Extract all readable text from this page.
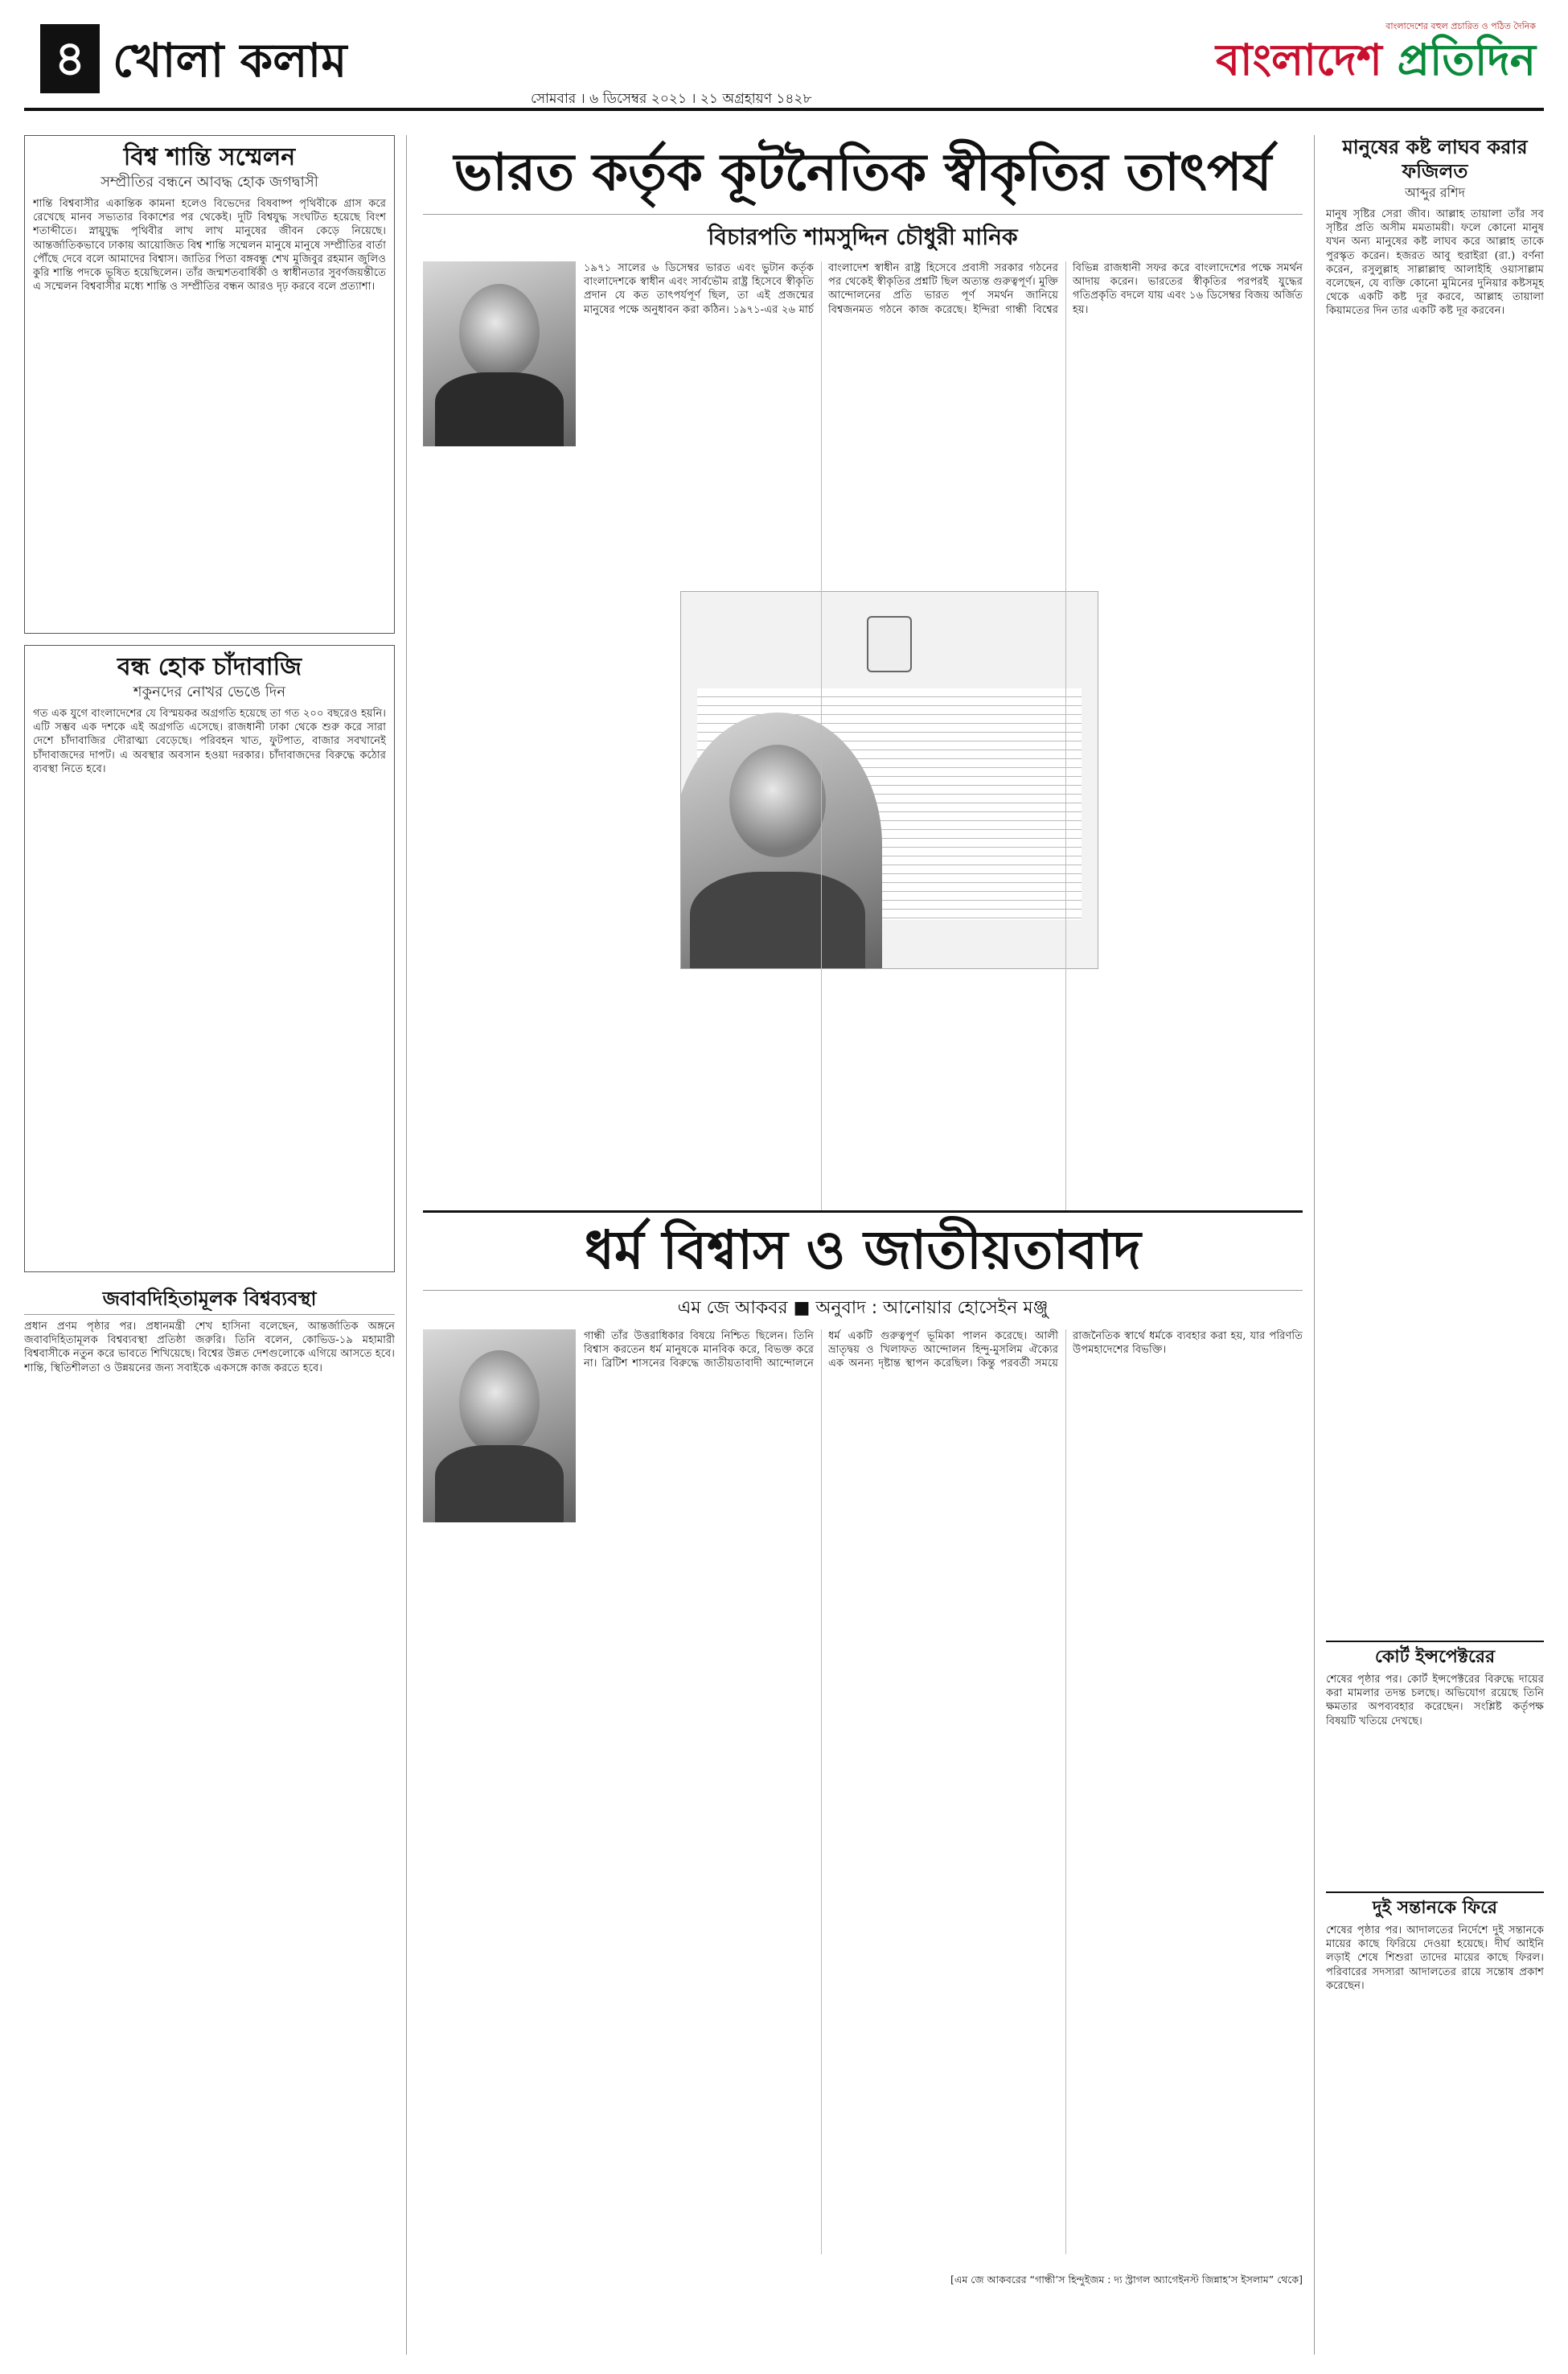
৪ খোলা কলাম
সোমবার । ৬ ডিসেম্বর ২০২১ । ২১ অগ্রহায়ণ ১৪২৮
বাংলাদেশের বহুল প্রচারিত ও পঠিত দৈনিক
বাংলাদেশ প্রতিদিন
বিশ্ব শান্তি সম্মেলন
সম্প্রীতির বন্ধনে আবদ্ধ হোক জগদ্বাসী
শান্তি বিশ্ববাসীর একান্তিক কামনা হলেও বিভেদের বিষবাষ্প পৃথিবীকে গ্রাস করে রেখেছে মানব সভ্যতার বিকাশের পর থেকেই। দুটি বিশ্বযুদ্ধ সংঘটিত হয়েছে বিংশ শতাব্দীতে। স্নায়ুযুদ্ধ পৃথিবীর লাখ লাখ মানুষের জীবন কেড়ে নিয়েছে। আন্তর্জাতিকভাবে ঢাকায় আয়োজিত বিশ্ব শান্তি সম্মেলন মানুষে মানুষে সম্প্রীতির বার্তা পৌঁছে দেবে বলে আমাদের বিশ্বাস। জাতির পিতা বঙ্গবন্ধু শেখ মুজিবুর রহমান জুলিও কুরি শান্তি পদকে ভূষিত হয়েছিলেন। তাঁর জন্মশতবার্ষিকী ও স্বাধীনতার সুবর্ণজয়ন্তীতে এ সম্মেলন বিশ্ববাসীর মধ্যে শান্তি ও সম্প্রীতির বন্ধন আরও দৃঢ় করবে বলে প্রত্যাশা।
বন্ধ হোক চাঁদাবাজি
শকুনদের নোখর ভেঙে দিন
গত এক যুগে বাংলাদেশের যে বিস্ময়কর অগ্রগতি হয়েছে তা গত ২০০ বছরেও হয়নি। এটি সম্ভব এক দশকে এই অগ্রগতি এসেছে। রাজধানী ঢাকা থেকে শুরু করে সারা দেশে চাঁদাবাজির দৌরাত্ম্য বেড়েছে। পরিবহন খাত, ফুটপাত, বাজার সবখানেই চাঁদাবাজদের দাপট। এ অবস্থার অবসান হওয়া দরকার। চাঁদাবাজদের বিরুদ্ধে কঠোর ব্যবস্থা নিতে হবে।
জবাবদিহিতামূলক বিশ্বব্যবস্থা
প্রধান প্রণম পৃষ্ঠার পর। প্রধানমন্ত্রী শেখ হাসিনা বলেছেন, আন্তর্জাতিক অঙ্গনে জবাবদিহিতামূলক বিশ্বব্যবস্থা প্রতিষ্ঠা জরুরি। তিনি বলেন, কোভিড-১৯ মহামারী বিশ্ববাসীকে নতুন করে ভাবতে শিখিয়েছে। বিশ্বের উন্নত দেশগুলোকে এগিয়ে আসতে হবে। শান্তি, স্থিতিশীলতা ও উন্নয়নের জন্য সবাইকে একসঙ্গে কাজ করতে হবে।
ভারত কর্তৃক কূটনৈতিক স্বীকৃতির তাৎপর্য
বিচারপতি শামসুদ্দিন চৌধুরী মানিক
১৯৭১ সালের ৬ ডিসেম্বর ভারত এবং ভুটান কর্তৃক বাংলাদেশকে স্বাধীন এবং সার্বভৌম রাষ্ট্র হিসেবে স্বীকৃতি প্রদান যে কত তাৎপর্যপূর্ণ ছিল, তা এই প্রজন্মের মানুষের পক্ষে অনুধাবন করা কঠিন। ১৯৭১-এর ২৬ মার্চ বাংলাদেশ স্বাধীন রাষ্ট্র হিসেবে প্রবাসী সরকার গঠনের পর থেকেই স্বীকৃতির প্রশ্নটি ছিল অত্যন্ত গুরুত্বপূর্ণ। মুক্তি আন্দোলনের প্রতি ভারত পূর্ণ সমর্থন জানিয়ে বিশ্বজনমত গঠনে কাজ করেছে। ইন্দিরা গান্ধী বিশ্বের বিভিন্ন রাজধানী সফর করে বাংলাদেশের পক্ষে সমর্থন আদায় করেন। ভারতের স্বীকৃতির পরপরই যুদ্ধের গতিপ্রকৃতি বদলে যায় এবং ১৬ ডিসেম্বর বিজয় অর্জিত হয়।
ধর্ম বিশ্বাস ও জাতীয়তাবাদ
এম জে আকবর ■ অনুবাদ : আনোয়ার হোসেইন মঞ্জু
গান্ধী তাঁর উত্তরাধিকার বিষয়ে নিশ্চিত ছিলেন। তিনি বিশ্বাস করতেন ধর্ম মানুষকে মানবিক করে, বিভক্ত করে না। ব্রিটিশ শাসনের বিরুদ্ধে জাতীয়তাবাদী আন্দোলনে ধর্ম একটি গুরুত্বপূর্ণ ভূমিকা পালন করেছে। আলী ভ্রাতৃদ্বয় ও খিলাফত আন্দোলন হিন্দু-মুসলিম ঐক্যের এক অনন্য দৃষ্টান্ত স্থাপন করেছিল। কিন্তু পরবর্তী সময়ে রাজনৈতিক স্বার্থে ধর্মকে ব্যবহার করা হয়, যার পরিণতি উপমহাদেশের বিভক্তি।
[এম জে আকবরের “গান্ধী’স হিন্দুইজম : দ্য স্ট্রাগল অ্যাগেইনস্ট জিন্নাহ’স ইসলাম” থেকে]
মানুষের কষ্ট লাঘব করার ফজিলত
আব্দুর রশিদ
মানুষ সৃষ্টির সেরা জীব। আল্লাহ তায়ালা তাঁর সব সৃষ্টির প্রতি অসীম মমতাময়ী। ফলে কোনো মানুষ যখন অন্য মানুষের কষ্ট লাঘব করে আল্লাহ তাকে পুরস্কৃত করেন। হজরত আবু হুরাইরা (রা.) বর্ণনা করেন, রসুলুল্লাহ সাল্লাল্লাহু আলাইহি ওয়াসাল্লাম বলেছেন, যে ব্যক্তি কোনো মুমিনের দুনিয়ার কষ্টসমূহ থেকে একটি কষ্ট দূর করবে, আল্লাহ তায়ালা কিয়ামতের দিন তার একটি কষ্ট দূর করবেন।
কোর্ট ইন্সপেক্টরের
শেষের পৃষ্ঠার পর। কোর্ট ইন্সপেক্টরের বিরুদ্ধে দায়ের করা মামলার তদন্ত চলছে। অভিযোগ রয়েছে তিনি ক্ষমতার অপব্যবহার করেছেন। সংশ্লিষ্ট কর্তৃপক্ষ বিষয়টি খতিয়ে দেখছে।
দুই সন্তানকে ফিরে
শেষের পৃষ্ঠার পর। আদালতের নির্দেশে দুই সন্তানকে মায়ের কাছে ফিরিয়ে দেওয়া হয়েছে। দীর্ঘ আইনি লড়াই শেষে শিশুরা তাদের মায়ের কাছে ফিরল। পরিবারের সদস্যরা আদালতের রায়ে সন্তোষ প্রকাশ করেছেন।
